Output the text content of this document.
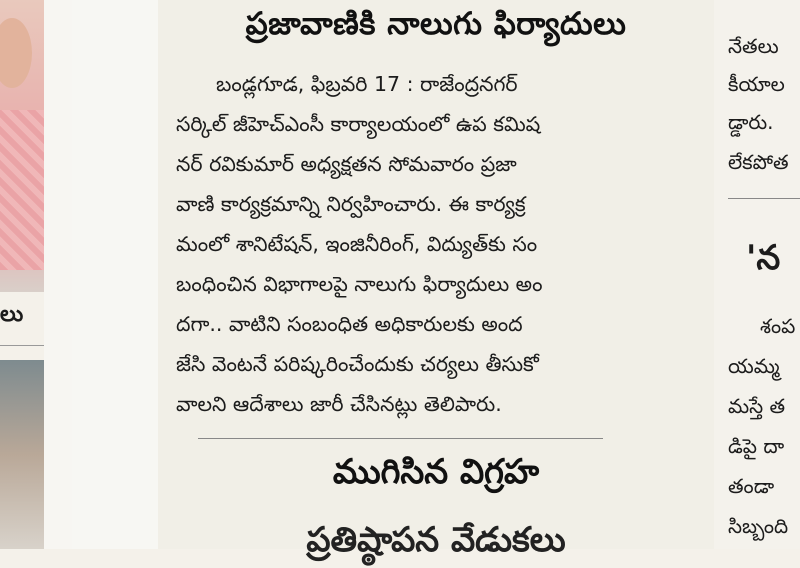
లు
ప్రజావాణికి నాలుగు ఫిర్యాదులు
బండ్లగూడ, ఫిబ్రవరి 17 : రాజేంద్రనగర్
సర్కిల్ జీహెచ్ఎంసీ కార్యాలయంలో ఉప కమిష
నర్ రవికుమార్ అధ్యక్షతన సోమవారం ప్రజా
వాణి కార్యక్రమాన్ని నిర్వహించారు. ఈ కార్యక్ర
మంలో శానిటేషన్, ఇంజినీరింగ్, విద్యుత్‌కు సం
బంధించిన విభాగాలపై నాలుగు ఫిర్యాదులు అం
దగా.. వాటిని సంబంధిత అధికారులకు అంద
జేసి వెంటనే పరిష్కరించేందుకు చర్యలు తీసుకో
వాలని ఆదేశాలు జారీ చేసినట్లు తెలిపారు.
ముగిసిన విగ్రహ
ప్రతిష్ఠాపన వేడుకలు
నేతలు
కీయాల
డ్డారు.
లేకపోత
'న
శంప
యమ్మ
మస్తే త
డిపై దా
తండా
సిబ్బంది
